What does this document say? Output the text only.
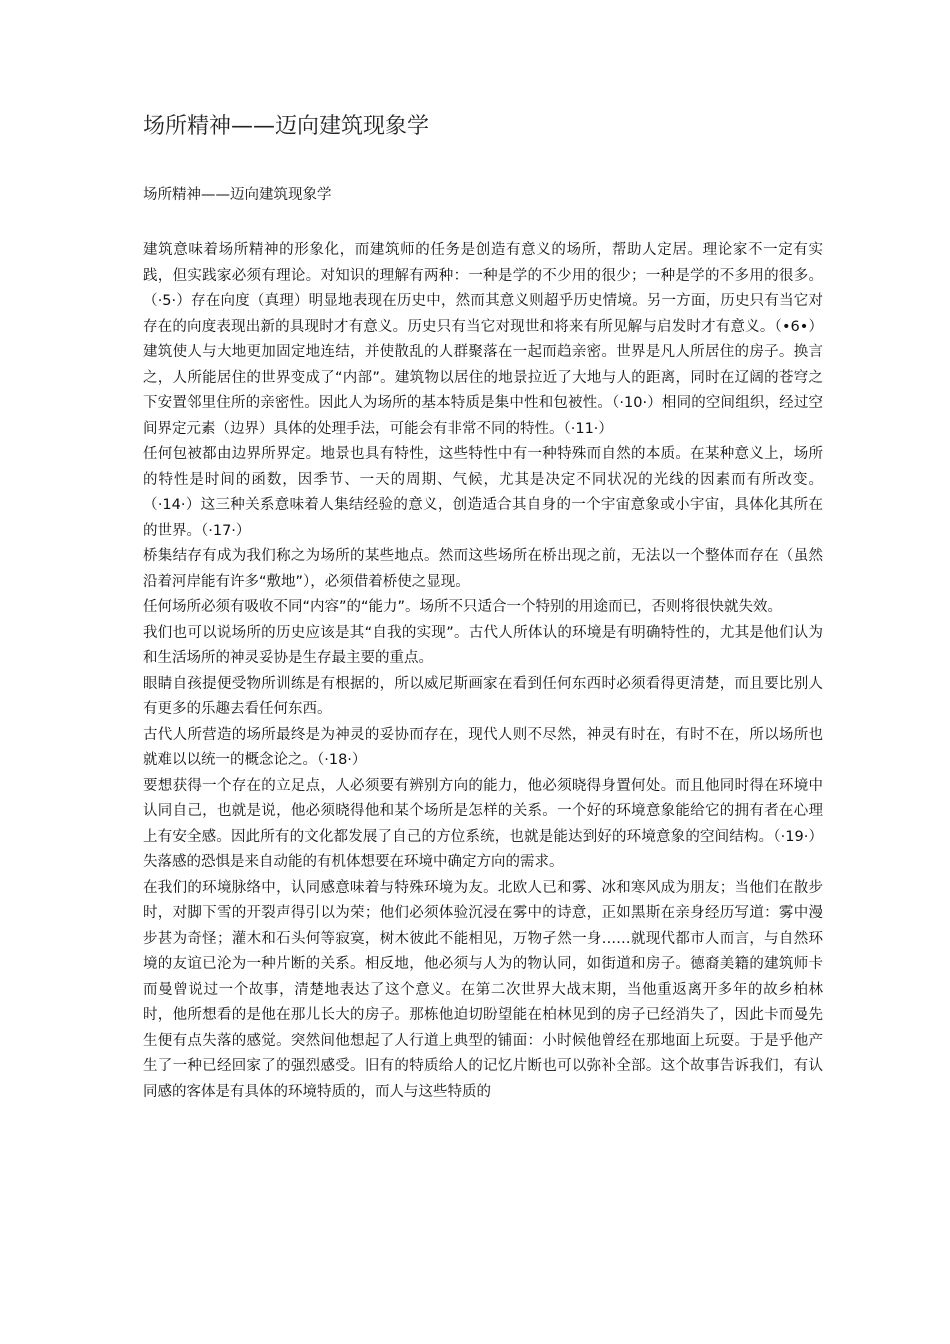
场所精神——迈向建筑现象学
场所精神——迈向建筑现象学

建筑意味着场所精神的形象化，而建筑师的任务是创造有意义的场所，帮助人定居。理论家不一定有实践，但实践家必须有理论。对知识的理解有两种：一种是学的不少用的很少；一种是学的不多用的很多。（·5·）存在向度（真理）明显地表现在历史中，然而其意义则超乎历史情境。另一方面，历史只有当它对存在的向度表现出新的具现时才有意义。历史只有当它对现世和将来有所见解与启发时才有意义。（•6•）建筑使人与大地更加固定地连结，并使散乱的人群聚落在一起而趋亲密。世界是凡人所居住的房子。换言之，人所能居住的世界变成了“内部”。建筑物以居住的地景拉近了大地与人的距离，同时在辽阔的苍穹之下安置邻里住所的亲密性。因此人为场所的基本特质是集中性和包被性。（·10·）相同的空间组织，经过空间界定元素（边界）具体的处理手法，可能会有非常不同的特性。（·11·）

任何包被都由边界所界定。地景也具有特性，这些特性中有一种特殊而自然的本质。在某种意义上，场所的特性是时间的函数，因季节、一天的周期、气候，尤其是决定不同状况的光线的因素而有所改变。（·14·）这三种关系意味着人集结经验的意义，创造适合其自身的一个宇宙意象或小宇宙，具体化其所在的世界。（·17·）

桥集结存有成为我们称之为场所的某些地点。然而这些场所在桥出现之前，无法以一个整体而存在（虽然沿着河岸能有许多“敷地”），必须借着桥使之显现。

任何场所必须有吸收不同“内容”的“能力”。场所不只适合一个特别的用途而已，否则将很快就失效。

我们也可以说场所的历史应该是其“自我的实现”。古代人所体认的环境是有明确特性的，尤其是他们认为和生活场所的神灵妥协是生存最主要的重点。

眼睛自孩提便受物所训练是有根据的，所以威尼斯画家在看到任何东西时必须看得更清楚，而且要比别人有更多的乐趣去看任何东西。

古代人所营造的场所最终是为神灵的妥协而存在，现代人则不尽然，神灵有时在，有时不在，所以场所也就难以以统一的概念论之。（·18·）

要想获得一个存在的立足点，人必须要有辨别方向的能力，他必须晓得身置何处。而且他同时得在环境中认同自己，也就是说，他必须晓得他和某个场所是怎样的关系。一个好的环境意象能给它的拥有者在心理上有安全感。因此所有的文化都发展了自己的方位系统，也就是能达到好的环境意象的空间结构。（·19·）失落感的恐惧是来自动能的有机体想要在环境中确定方向的需求。

在我们的环境脉络中，认同感意味着与特殊环境为友。北欧人已和雾、冰和寒风成为朋友；当他们在散步时，对脚下雪的开裂声得引以为荣；他们必须体验沉浸在雾中的诗意，正如黑斯在亲身经历写道：雾中漫步甚为奇怪；灌木和石头何等寂寞，树木彼此不能相见，万物孑然一身……就现代都市人而言，与自然环境的友谊已沦为一种片断的关系。相反地，他必须与人为的物认同，如街道和房子。德裔美籍的建筑师卡而曼曾说过一个故事，清楚地表达了这个意义。在第二次世界大战末期，当他重返离开多年的故乡柏林时，他所想看的是他在那儿长大的房子。那栋他迫切盼望能在柏林见到的房子已经消失了，因此卡而曼先生便有点失落的感觉。突然间他想起了人行道上典型的铺面：小时候他曾经在那地面上玩耍。于是乎他产生了一种已经回家了的强烈感受。旧有的特质给人的记忆片断也可以弥补全部。这个故事告诉我们，有认同感的客体是有具体的环境特质的，而人与这些特质的
